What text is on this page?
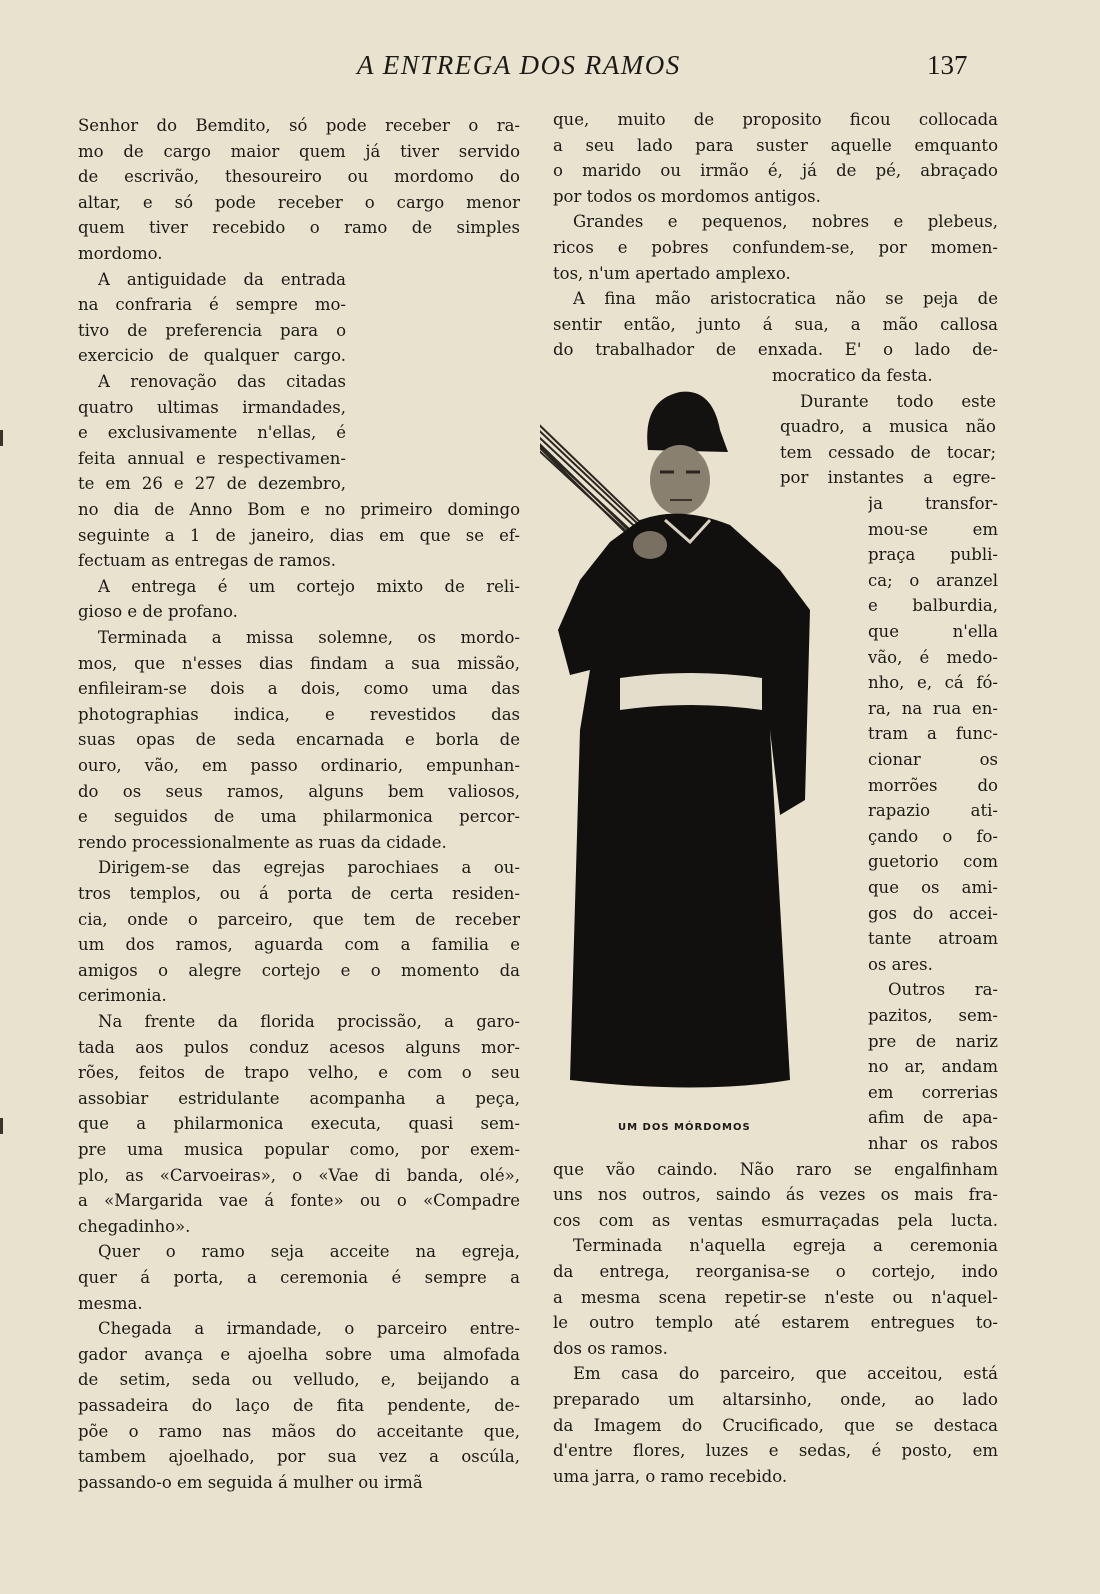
A ENTREGA DOS RAMOS	137
Senhor do Bemdito, só pode receber o ra-
mo de cargo maior quem já tiver servido
de escrivão, thesoureiro ou mordomo do
altar, e só pode receber o cargo menor
quem tiver recebido o ramo de simples
mordomo.
A antiguidade da entrada
na confraria é sempre mo-
tivo de preferencia para o
exercicio de qualquer cargo.
A renovação das citadas
quatro ultimas irmandades,
e exclusivamente n'ellas, é
feita annual e respectivamen-
te em 26 e 27 de dezembro,
no dia de Anno Bom e no primeiro domingo
seguinte a 1 de janeiro, dias em que se ef-
fectuam as entregas de ramos.
A entrega é um cortejo mixto de reli-
gioso e de profano.
Terminada a missa solemne, os mordo-
mos, que n'esses dias findam a sua missão,
enfileiram-se dois a dois, como uma das
photographias indica, e revestidos das
suas opas de seda encarnada e borla de
ouro, vão, em passo ordinario, empunhan-
do os seus ramos, alguns bem valiosos,
e seguidos de uma philarmonica percor-
rendo processionalmente as ruas da cidade.
Dirigem-se das egrejas parochiaes a ou-
tros templos, ou á porta de certa residen-
cia, onde o parceiro, que tem de receber
um dos ramos, aguarda com a familia e
amigos o alegre cortejo e o momento da
cerimonia.
Na frente da florida procissão, a garo-
tada aos pulos conduz acesos alguns mor-
rões, feitos de trapo velho, e com o seu
assobiar estridulante acompanha a peça,
que a philarmonica executa, quasi sem-
pre uma musica popular como, por exem-
plo, as «Carvoeiras», o «Vae di banda, olé»,
a «Margarida vae á fonte» ou o «Compadre
chegadinho».
Quer o ramo seja acceite na egreja,
quer á porta, a ceremonia é sempre a
mesma.
Chegada a irmandade, o parceiro entre-
gador avança e ajoelha sobre uma almofada
de setim, seda ou velludo, e, beijando a
passadeira do laço de fita pendente, de-
põe o ramo nas mãos do acceitante que,
tambem ajoelhado, por sua vez a oscúla,
passando-o em seguida á mulher ou irmã
que, muito de proposito ficou collocada
a seu lado para suster aquelle emquanto
o marido ou irmão é, já de pé, abraçado
por todos os mordomos antigos.
Grandes e pequenos, nobres e plebeus,
ricos e pobres confundem-se, por momen-
tos, n'um apertado amplexo.
A fina mão aristocratica não se peja de
sentir então, junto á sua, a mão callosa
do trabalhador de enxada. E' o lado de-
mocratico da festa.
Durante todo este
quadro, a musica não
tem cessado de tocar;
por instantes a egre-
ja transfor-
mou-se em
praça publi-
ca; o aranzel
e balburdia,
que n'ella
vão, é medo-
nho, e, cá fó-
ra, na rua en-
tram a func-
cionar os
morrões do
rapazio ati-
çando o fo-
guetorio com
que os ami-
gos do accei-
tante atroam
os ares.
Outros ra-
pazitos, sem-
pre de nariz
no ar, andam
em correrias
afim de apa-
nhar os rabos
que vão caindo. Não raro se engalfinham
uns nos outros, saindo ás vezes os mais fra-
cos com as ventas esmurraçadas pela lucta.
Terminada n'aquella egreja a ceremonia
da entrega, reorganisa-se o cortejo, indo
a mesma scena repetir-se n'este ou n'aquel-
le outro templo até estarem entregues to-
dos os ramos.
Em casa do parceiro, que acceitou, está
preparado um altarsinho, onde, ao lado
da Imagem do Crucificado, que se destaca
d'entre flores, luzes e sedas, é posto, em
uma jarra, o ramo recebido.
UM DOS MÓRDOMOS
